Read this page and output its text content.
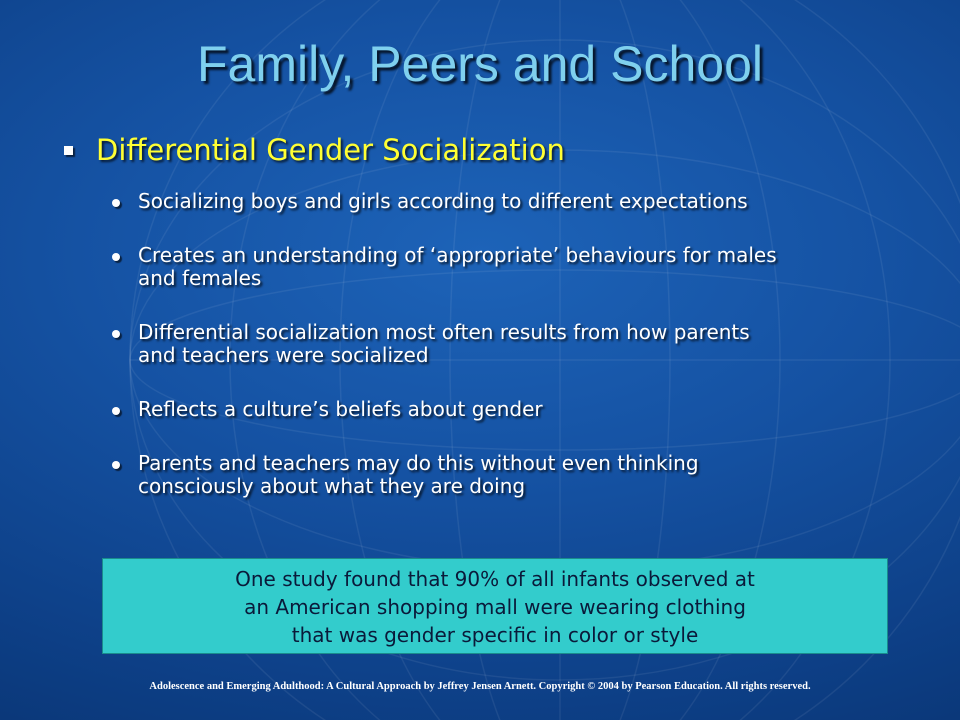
Family, Peers and School
Differential Gender Socialization
Socializing boys and girls according to different expectations
Creates an understanding of ‘appropriate’ behaviours for males
and females
Differential socialization most often results from how parents
and teachers were socialized
Reflects a culture’s beliefs about gender
Parents and teachers may do this without even thinking
consciously about what they are doing
One study found that 90% of all infants observed at
an American shopping mall were wearing clothing
that was gender specific in color or style
Adolescence and Emerging Adulthood: A Cultural Approach by Jeffrey Jensen Arnett. Copyright © 2004 by Pearson Education. All rights reserved.
